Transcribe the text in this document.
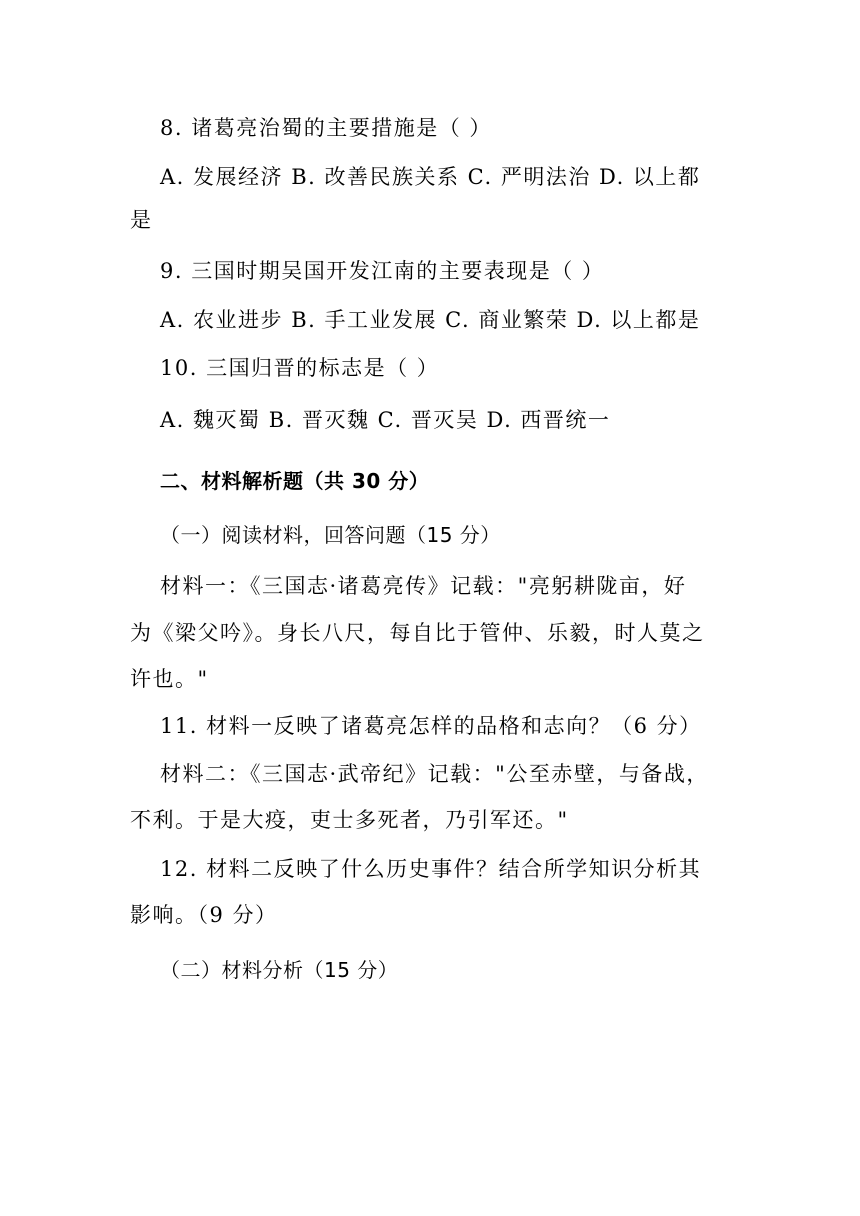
8. 诸葛亮治蜀的主要措施是（ ）
A. 发展经济 B. 改善民族关系 C. 严明法治 D. 以上都
是
9. 三国时期吴国开发江南的主要表现是（ ）
A. 农业进步 B. 手工业发展 C. 商业繁荣 D. 以上都是
10. 三国归晋的标志是（ ）
A. 魏灭蜀 B. 晋灭魏 C. 晋灭吴 D. 西晋统一
二、材料解析题（共 30 分）
（一）阅读材料，回答问题（15 分）
材料一：《三国志·诸葛亮传》记载："亮躬耕陇亩，好
为《梁父吟》。身长八尺，每自比于管仲、乐毅，时人莫之
许也。"
11. 材料一反映了诸葛亮怎样的品格和志向？（6 分）
材料二：《三国志·武帝纪》记载："公至赤壁，与备战，
不利。于是大疫，吏士多死者，乃引军还。"
12. 材料二反映了什么历史事件？结合所学知识分析其
影响。（9 分）
（二）材料分析（15 分）
